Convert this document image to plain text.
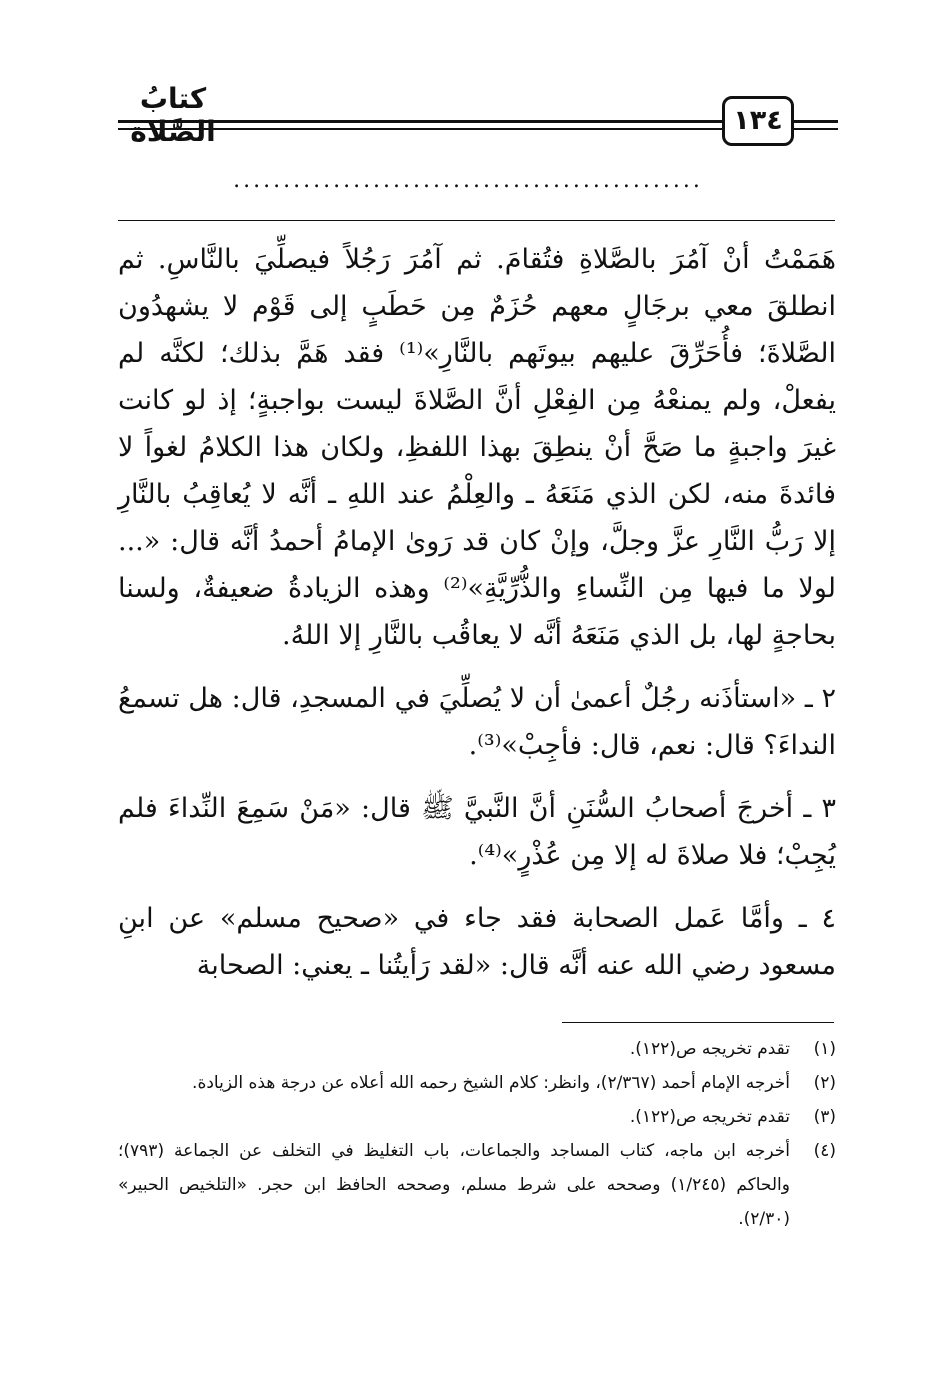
كتابُ الصَّلاة	١٣٤
...............................................

هَمَمْتُ أنْ آمُرَ بالصَّلاةِ فتُقامَ. ثم آمُرَ رَجُلاً فيصلِّيَ بالنَّاسِ. ثم انطلقَ معي برجَالٍ معهم حُزَمٌ مِن حَطَبٍ إلى قَوْم لا يشهدُون الصَّلاةَ؛ فأُحَرِّقَ عليهم بيوتَهم بالنَّارِ»⁽¹⁾ فقد هَمَّ بذلك؛ لكنَّه لم يفعلْ، ولم يمنعْهُ مِن الفِعْلِ أنَّ الصَّلاةَ ليست بواجبةٍ؛ إذ لو كانت غيرَ واجبةٍ ما صَحَّ أنْ ينطِقَ بهذا اللفظِ، ولكان هذا الكلامُ لغواً لا فائدةَ منه، لكن الذي مَنَعَهُ ـ والعِلْمُ عند اللهِ ـ أنَّه لا يُعاقِبُ بالنَّارِ إلا رَبُّ النَّارِ عزَّ وجلَّ، وإنْ كان قد رَوىٰ الإمامُ أحمدُ أنَّه قال: «... لولا ما فيها مِن النِّساءِ والذُّرِّيَّةِ»⁽²⁾ وهذه الزيادةُ ضعيفةٌ، ولسنا بحاجةٍ لها، بل الذي مَنَعَهُ أنَّه لا يعاقُب بالنَّارِ إلا اللهُ.

٢ ـ «استأذَنه رجُلٌ أعمىٰ أن لا يُصلِّيَ في المسجدِ، قال: هل تسمعُ النداءَ؟ قال: نعم، قال: فأجِبْ»⁽³⁾.

٣ ـ أخرجَ أصحابُ السُّنَنِ أنَّ النَّبيَّ ﷺ قال: «مَنْ سَمِعَ النِّداءَ فلم يُجِبْ؛ فلا صلاةَ له إلا مِن عُذْرٍ»⁽⁴⁾.

٤ ـ وأمَّا عَمل الصحابة فقد جاء في «صحيح مسلم» عن ابنِ مسعود رضي الله عنه أنَّه قال: «لقد رَأيتُنا ـ يعني: الصحابة

(١)
تقدم تخريجه ص(١٢٢).
(٢)
أخرجه الإمام أحمد (٢/٣٦٧)، وانظر: كلام الشيخ رحمه الله أعلاه عن درجة هذه الزيادة.
(٣)
تقدم تخريجه ص(١٢٢).
(٤)
أخرجه ابن ماجه، كتاب المساجد والجماعات، باب التغليظ في التخلف عن الجماعة (٧٩٣)؛ والحاكم (١/٢٤٥) وصححه على شرط مسلم، وصححه الحافظ ابن حجر. «التلخيص الحبير» (٢/٣٠).
